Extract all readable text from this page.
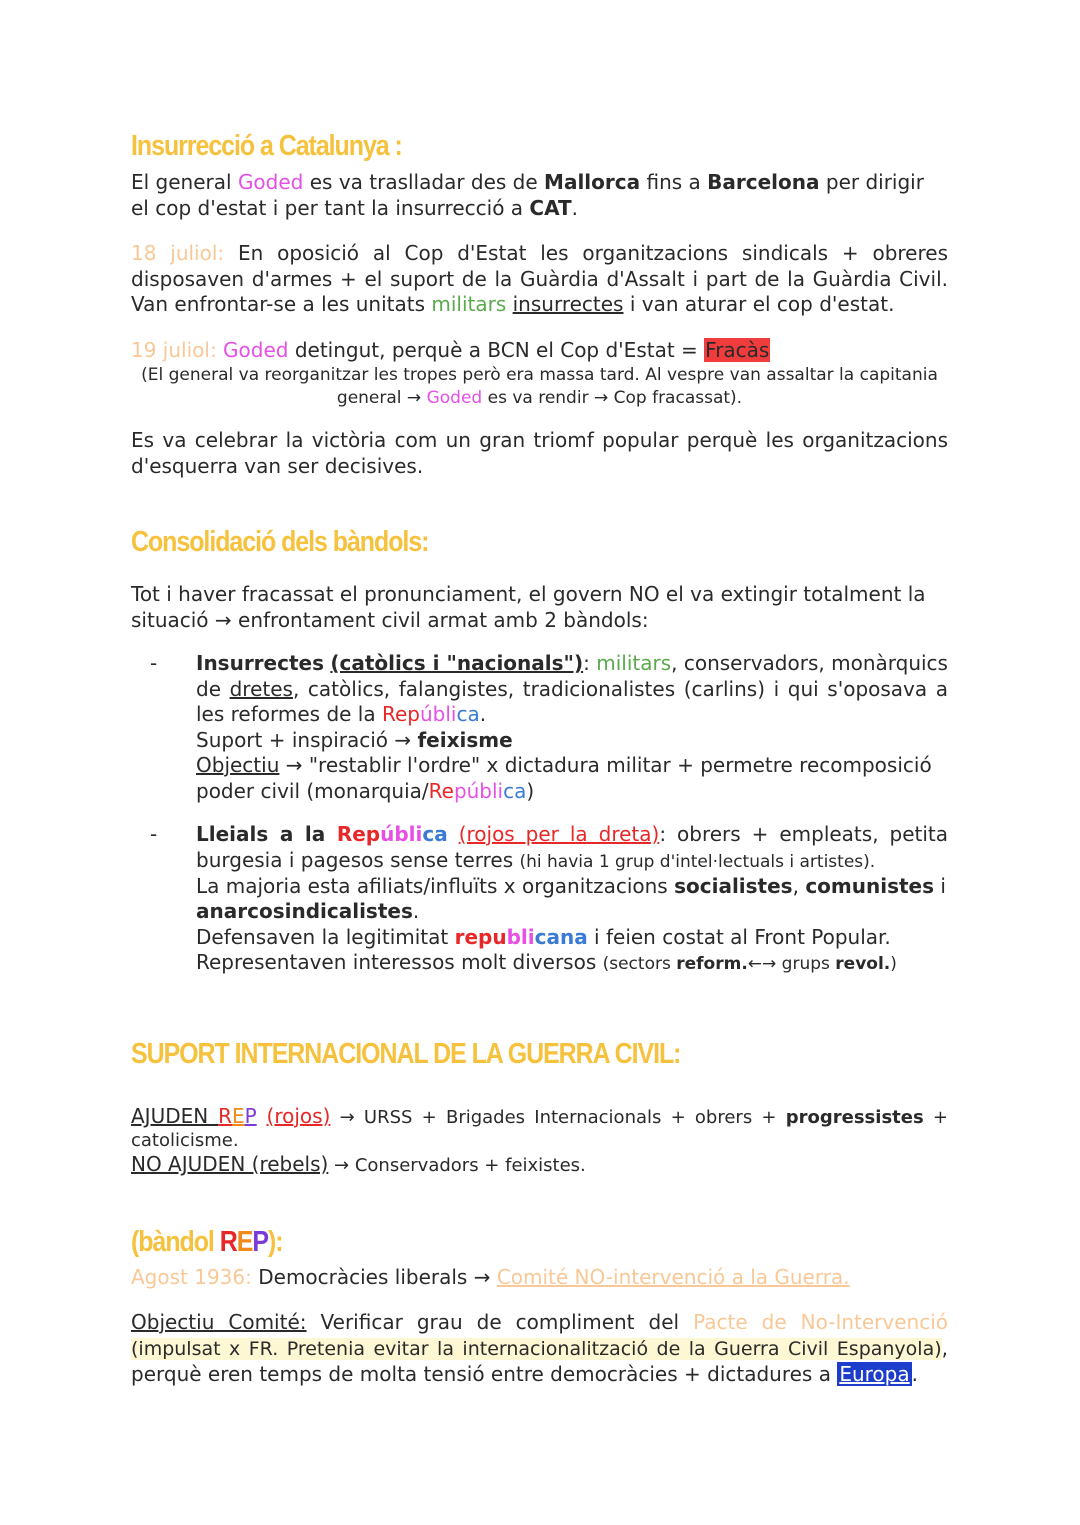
Insurrecció a Catalunya :

El general Goded es va traslladar des de Mallorca fins a Barcelona per dirigir el cop d'estat i per tant la insurrecció a CAT.

18 juliol: En oposició al Cop d'Estat les organitzacions sindicals + obreres disposaven d'armes + el suport de la Guàrdia d'Assalt i part de la Guàrdia Civil. Van enfrontar-se a les unitats militars insurrectes i van aturar el cop d'estat.

19 juliol: Goded detingut, perquè a BCN el Cop d'Estat = Fracàs

(El general va reorganitzar les tropes però era massa tard. Al vespre van assaltar la capitania general → Goded es va rendir → Cop fracassat).

Es va celebrar la victòria com un gran triomf popular perquè les organitzacions d'esquerra van ser decisives.

Consolidació dels bàndols:

Tot i haver fracassat el pronunciament, el govern NO el va extingir totalment la situació → enfrontament civil armat amb 2 bàndols:

- Insurrectes (catòlics i "nacionals"): militars, conservadors, monàrquics de dretes, catòlics, falangistes, tradicionalistes (carlins) i qui s'oposava a les reformes de la República.

Suport + inspiració → feixisme

Objectiu → "restablir l'ordre" x dictadura militar + permetre recomposició poder civil (monarquia/República)

- Lleials a la República (rojos per la dreta): obrers + empleats, petita burgesia i pagesos sense terres (hi havia 1 grup d'intel·lectuals i artistes).

La majoria esta afiliats/influïts x organitzacions socialistes, comunistes i anarcosindicalistes.

Defensaven la legitimitat republicana i feien costat al Front Popular.

Representaven interessos molt diversos (sectors reform.←→ grups revol.)

SUPORT INTERNACIONAL DE LA GUERRA CIVIL:

AJUDEN REP (rojos) → URSS + Brigades Internacionals + obrers + progressistes + catolicisme.

NO AJUDEN (rebels) → Conservadors + feixistes.

(bàndol REP):

Agost 1936: Democràcies liberals → Comité NO-intervenció a la Guerra.

Objectiu Comité: Verificar grau de compliment del Pacte de No-Intervenció (impulsat x FR. Pretenia evitar la internacionalització de la Guerra Civil Espanyola), perquè eren temps de molta tensió entre democràcies + dictadures a Europa .
